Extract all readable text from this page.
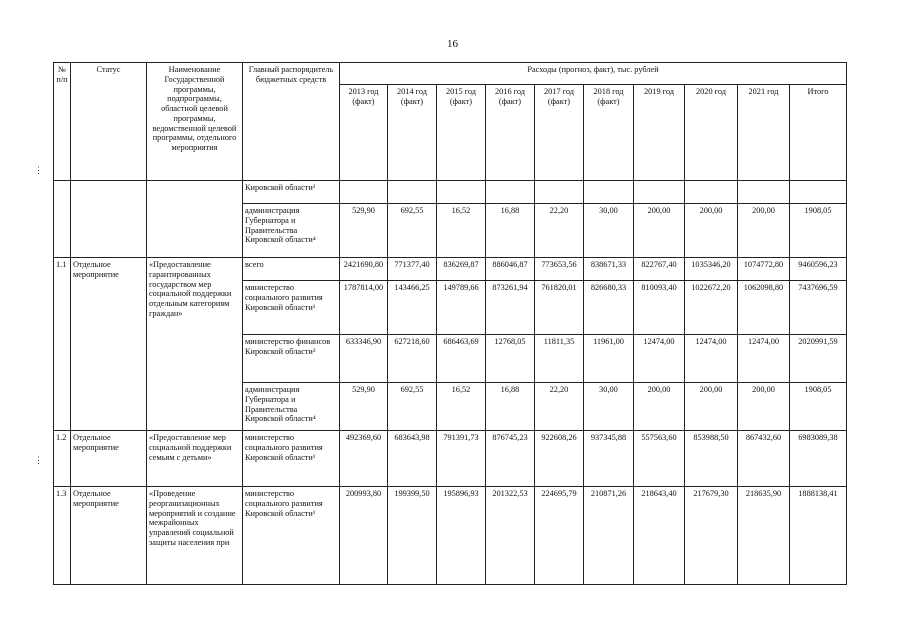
16
⋮
⋮
№ п/п	Статус	Наименование Государственной программы, подпрограммы, областной целевой программы, ведомственной целевой программы, отдельного мероприятия	Главный распорядитель бюджетных средств	Расходы (прогноз, факт), тыс. рублей									
				2013 год (факт)	2014 год (факт)	2015 год (факт)	2016 год (факт)	2017 год (факт)	2018 год (факт)	2019 год	2020 год	2021 год	Итого
			Кировской области²										
			администрация Губернатора и Правительства Кировской области⁴	529,90	692,55	16,52	16,88	22,20	30,00	200,00	200,00	200,00	1908,05
1.1	Отдельное мероприятие	«Предоставление гарантированных государством мер социальной поддержки отдельным категориям граждан»	всего	2421690,80	771377,40	836269,87	886046,87	773653,56	838671,33	822767,40	1035346,20	1074772,80	9460596,23
			министерство социального развития Кировской области¹	1787814,00	143466,25	149789,66	873261,94	761820,01	826680,33	810093,40	1022672,20	1062098,80	7437696,59
			министерство финансов Кировской области²	633346,90	627218,60	686463,69	12768,05	11811,35	11961,00	12474,00	12474,00	12474,00	2020991,59
			администрация Губернатора и Правительства Кировской области⁴	529,90	692,55	16,52	16,88	22,20	30,00	200,00	200,00	200,00	1908,05
1.2	Отдельное мероприятие	«Предоставление мер социальной поддержки семьям с детьми»	министерство социального развития Кировской области¹	492369,60	683643,98	791391,73	876745,23	922608,26	937345,88	557563,60	853988,50	867432,60	6983089,38
1.3	Отдельное мероприятие	«Проведение реорганизационных мероприятий и создание межрайонных управлений социальной защиты населения при	министерство социального развития Кировской области¹	200993,80	199399,50	195896,93	201322,53	224695,79	210871,26	218643,40	217679,30	218635,90	1888138,41
